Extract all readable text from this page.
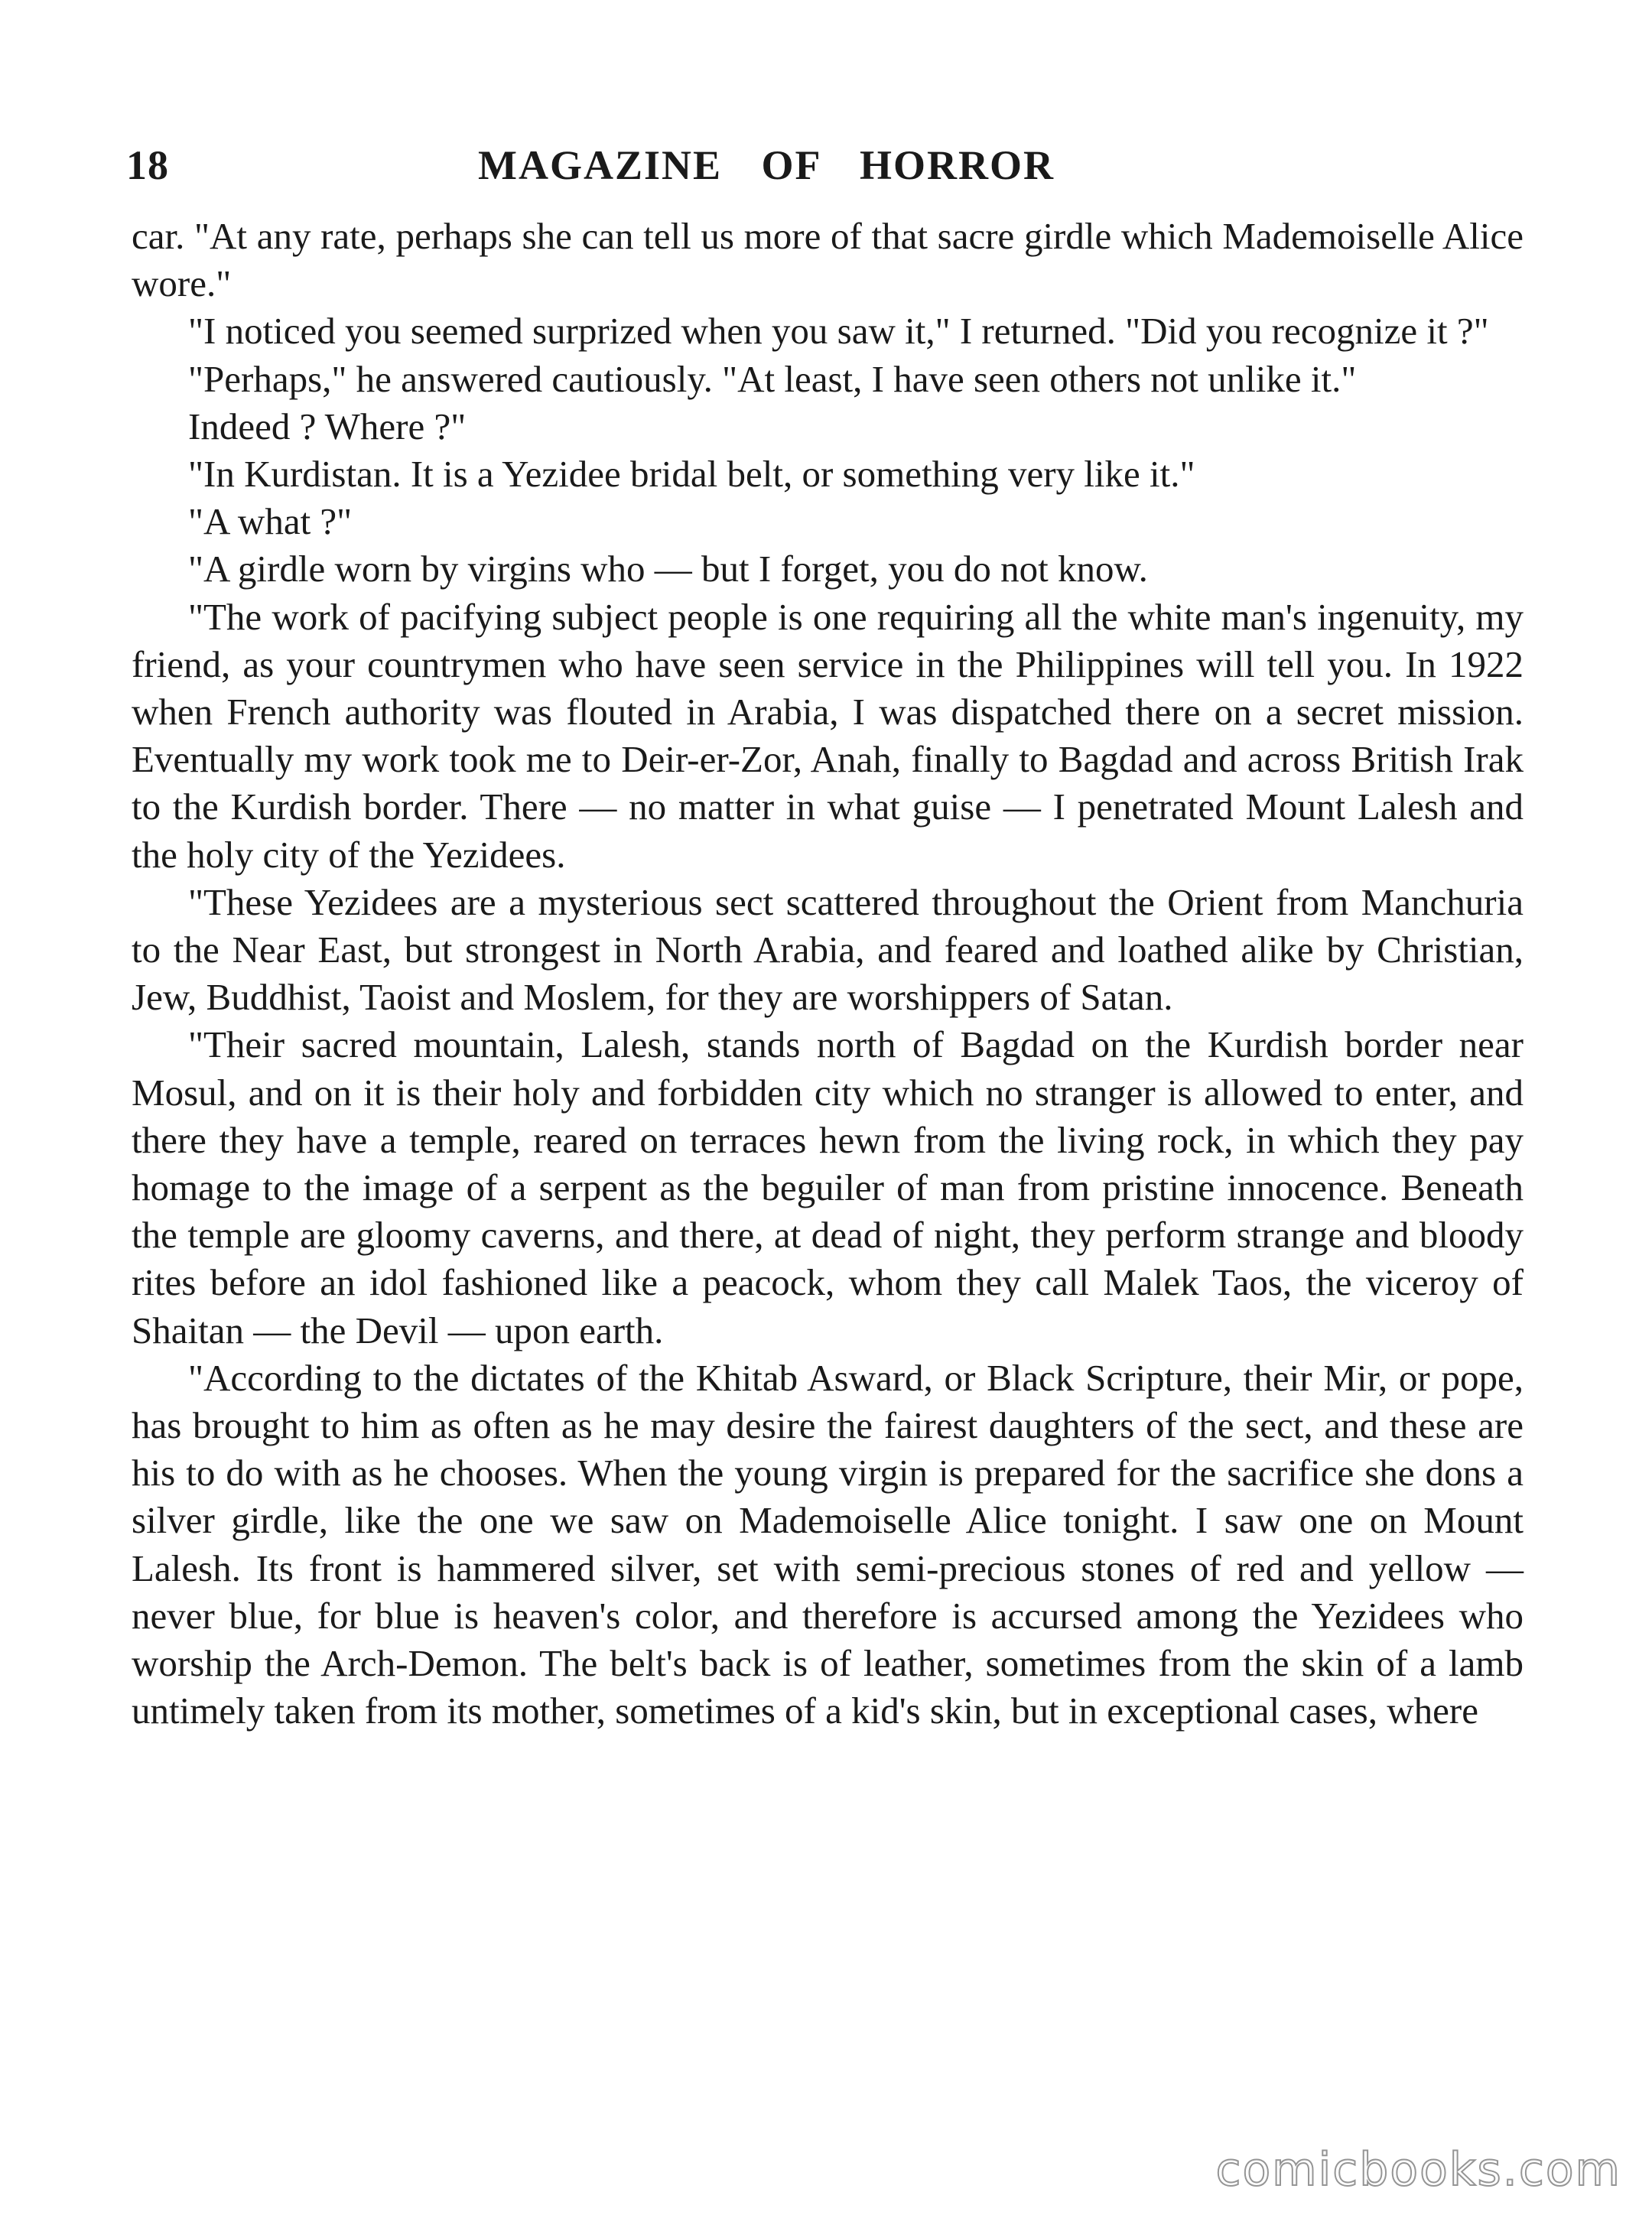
18	MAGAZINE OF HORROR

car. "At any rate, perhaps she can tell us more of that sacre girdle which Mademoiselle Alice wore."

"I noticed you seemed surprized when you saw it," I returned. "Did you recognize it ?"

"Perhaps," he answered cautiously. "At least, I have seen others not unlike it."

Indeed ? Where ?"

"In Kurdistan. It is a Yezidee bridal belt, or something very like it."

"A what ?"

"A girdle worn by virgins who — but I forget, you do not know.

"The work of pacifying subject people is one requiring all the white man's ingenuity, my friend, as your countrymen who have seen service in the Philippines will tell you. In 1922 when French authority was flouted in Arabia, I was dispatched there on a secret mission. Eventually my work took me to Deir-er-Zor, Anah, finally to Bagdad and across British Irak to the Kurdish border. There — no matter in what guise — I penetrated Mount Lalesh and the holy city of the Yezidees.

"These Yezidees are a mysterious sect scattered throughout the Orient from Manchuria to the Near East, but strongest in North Arabia, and feared and loathed alike by Christian, Jew, Buddhist, Taoist and Moslem, for they are worshippers of Satan.

"Their sacred mountain, Lalesh, stands north of Bagdad on the Kurdish border near Mosul, and on it is their holy and forbidden city which no stranger is allowed to enter, and there they have a temple, reared on terraces hewn from the living rock, in which they pay homage to the image of a serpent as the beguiler of man from pristine innocence. Beneath the temple are gloomy caverns, and there, at dead of night, they perform strange and bloody rites before an idol fashioned like a peacock, whom they call Malek Taos, the viceroy of Shaitan — the Devil — upon earth.

"According to the dictates of the Khitab Asward, or Black Scripture, their Mir, or pope, has brought to him as often as he may desire the fairest daughters of the sect, and these are his to do with as he chooses. When the young virgin is prepared for the sacrifice she dons a silver girdle, like the one we saw on Mademoiselle Alice tonight. I saw one on Mount Lalesh. Its front is hammered silver, set with semi-precious stones of red and yellow — never blue, for blue is heaven's color, and therefore is accursed among the Yezidees who worship the Arch-Demon. The belt's back is of leather, sometimes from the skin of a lamb untimely taken from its mother, sometimes of a kid's skin, but in exceptional cases, where

comicbooks.com
